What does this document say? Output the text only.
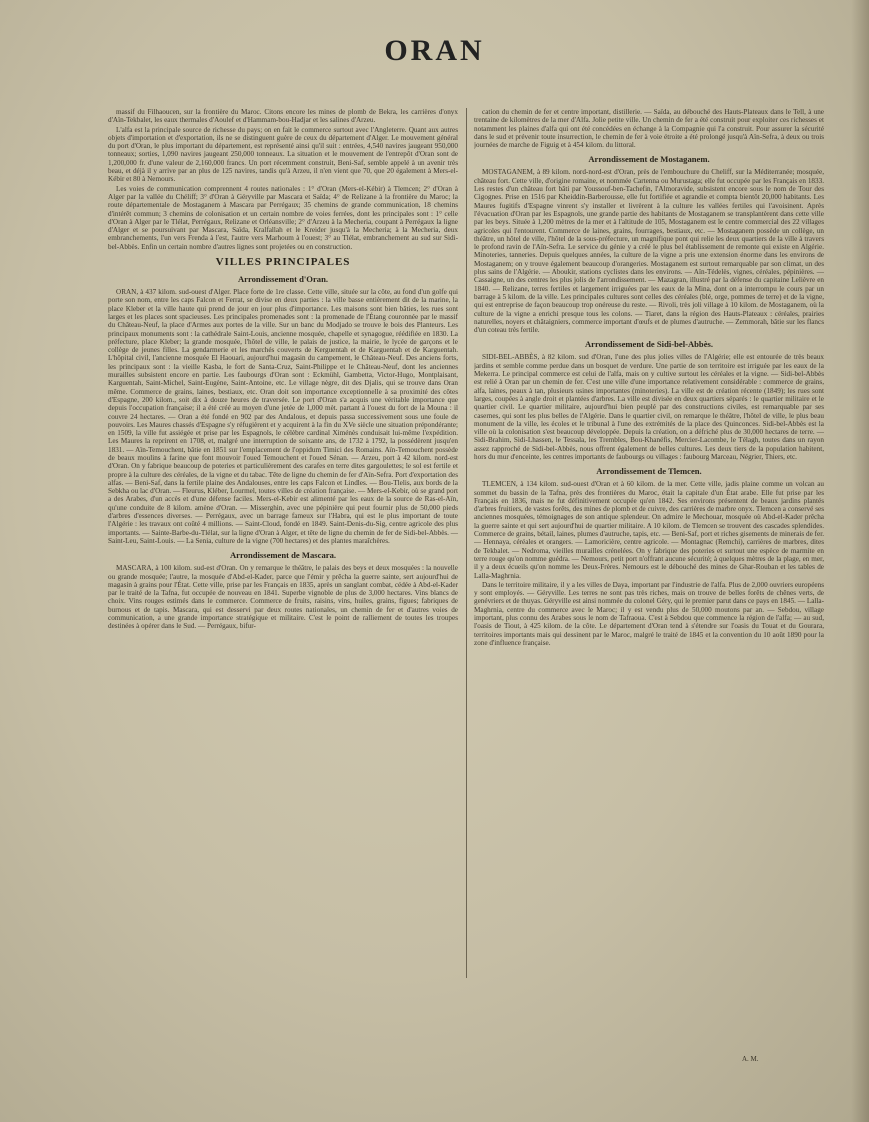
ORAN

massif du Filhaoucen, sur la frontière du Maroc. Citons encore les mines de plomb de Bekra, les carrières d'onyx d'Aïn-Tekbalet, les eaux thermales d'Aoulef et d'Hammam-bou-Hadjar et les salines d'Arzeu.

L'alfa est la principale source de richesse du pays; on en fait le commerce surtout avec l'Angleterre. Quant aux autres objets d'importation et d'exportation, ils ne se distinguent guère de ceux du département d'Alger. Le mouvement général du port d'Oran, le plus important du département, est représenté ainsi qu'il suit : entrées, 4,540 navires jaugeant 950,000 tonneaux; sorties, 1,090 navires jaugeant 250,000 tonneaux. La situation et le mouvement de l'entrepôt d'Oran sont de 1,200,000 fr. d'une valeur de 2,160,000 francs. Un port récemment construit, Beni-Saf, semble appelé à un avenir très beau, et déjà il y arrive par an plus de 125 navires, tandis qu'à Arzeu, il n'en vient que 70, que 20 également à Mers-el-Kébir et 80 à Nemours.

Les voies de communication comprennent 4 routes nationales : 1° d'Oran (Mers-el-Kébir) à Tlemcen; 2° d'Oran à Alger par la vallée du Chéliff; 3° d'Oran à Géryville par Mascara et Saïda; 4° de Relizane à la frontière du Maroc; la route départementale de Mostaganem à Mascara par Perrégaux; 35 chemins de grande communication, 18 chemins d'intérêt commun; 3 chemins de colonisation et un certain nombre de voies ferrées, dont les principales sont : 1° celle d'Oran à Alger par le Tlélat, Perrégaux, Relizane et Orléansville; 2° d'Arzeu à la Mecheria, coupant à Perrégaux la ligne d'Alger et se poursuivant par Mascara, Saïda, Kralfallah et le Kreider jusqu'à la Mecheria; à la Mecheria, deux embranchements, l'un vers Frenda à l'est, l'autre vers Marhoum à l'ouest; 3° au Tlélat, embranchement au sud sur Sidi-bel-Abbès. Enfin un certain nombre d'autres lignes sont projetées ou en construction.

VILLES PRINCIPALES
Arrondissement d'Oran.

ORAN, à 437 kilom. sud-ouest d'Alger. Place forte de 1re classe. Cette ville, située sur la côte, au fond d'un golfe qui porte son nom, entre les caps Falcon et Ferrat, se divise en deux parties : la ville basse entièrement dit de la marine, la place Kleber et la ville haute qui prend de jour en jour plus d'importance. Les maisons sont bien bâties, les rues sont larges et les places sont spacieuses. Les principales promenades sont : la promenade de l'Étang couronnée par le massif du Château-Neuf, la place d'Armes aux portes de la ville. Sur un banc du Modjado se trouve le bois des Planteurs. Les principaux monuments sont : la cathédrale Saint-Louis, ancienne mosquée, chapelle et synagogue, réédifiée en 1830. La préfecture, place Kleber; la grande mosquée, l'hôtel de ville, le palais de justice, la mairie, le lycée de garçons et le collège de jeunes filles. La gendarmerie et les marchés couverts de Kerguentah et de Karguentah et de Karguentah. L'hôpital civil, l'ancienne mosquée El Haouari, aujourd'hui magasin du campement, le Château-Neuf. Des anciens forts, les principaux sont : la vieille Kasba, le fort de Santa-Cruz, Saint-Philippe et le Château-Neuf, dont les anciennes murailles subsistent encore en partie. Les faubourgs d'Oran sont : Eckmühl, Gambetta, Victor-Hugo, Montplaisant, Karguentah, Saint-Michel, Saint-Eugène, Saint-Antoine, etc. Le village nègre, dit des Djalis, qui se trouve dans Oran même. Commerce de grains, laines, bestiaux, etc. Oran doit son importance exceptionnelle à sa proximité des côtes d'Espagne, 200 kilom., soit dix à douze heures de traversée. Le port d'Oran s'a acquis une véritable importance que depuis l'occupation française; il a été créé au moyen d'une jetée de 1,000 mèt. partant à l'ouest du fort de la Mouna : il couvre 24 hectares. — Oran a été fondé en 902 par des Andalous, et depuis passa successivement sous une foule de pouvoirs. Les Maures chassés d'Espagne s'y réfugièrent et y acquirent à la fin du XVe siècle une situation prépondérante; en 1509, la ville fut assiégée et prise par les Espagnols, le célèbre cardinal Ximénès conduisait lui-même l'expédition. Les Maures la reprirent en 1708, et, malgré une interruption de soixante ans, de 1732 à 1792, la possédèrent jusqu'en 1831. — Aïn-Temouchent, bâtie en 1851 sur l'emplacement de l'oppidum Timici des Romains. Aïn-Temouchent possède de beaux moulins à farine que font mouvoir l'oued Temouchent et l'oued Sénan. — Arzeu, port à 42 kilom. nord-est d'Oran. On y fabrique beaucoup de poteries et particulièrement des carafes en terre dites gargoulettes; le sol est fertile et propre à la culture des céréales, de la vigne et du tabac. Tête de ligne du chemin de fer d'Aïn-Sefra. Port d'exportation des alfas. — Beni-Saf, dans la fertile plaine des Andalouses, entre les caps Falcon et Lindles. — Bou-Tlelis, aux bords de la Sebkha ou lac d'Oran. — Fleurus, Kléber, Lourmel, toutes villes de création française. — Mers-el-Kebir, où se grand port a des Arabes, d'un accès et d'une défense faciles. Mers-el-Kebir est alimenté par les eaux de la source de Ras-el-Aïn, qu'une conduite de 8 kilom. amène d'Oran. — Misserghin, avec une pépinière qui peut fournir plus de 50,000 pieds d'arbres d'essences diverses. — Perrégaux, avec un barrage fameux sur l'Habra, qui est le plus important de toute l'Algérie : les travaux ont coûté 4 millions. — Saint-Cloud, fondé en 1849. Saint-Denis-du-Sig, centre agricole des plus importants. — Sainte-Barbe-du-Tlélat, sur la ligne d'Oran à Alger, et tête de ligne du chemin de fer de Sidi-bel-Abbès. — Saint-Leu, Saint-Louis. — La Senia, culture de la vigne (700 hectares) et des plantes maraîchères.

Arrondissement de Mascara.

MASCARA, à 100 kilom. sud-est d'Oran. On y remarque le théâtre, le palais des beys et deux mosquées : la nouvelle ou grande mosquée; l'autre, la mosquée d'Abd-el-Kader, parce que l'émir y prêcha la guerre sainte, sert aujourd'hui de magasin à grains pour l'État. Cette ville, prise par les Français en 1835, après un sanglant combat, cédée à Abd-el-Kader par le traité de la Tafna, fut occupée de nouveau en 1841. Superbe vignoble de plus de 3,000 hectares. Vins blancs de choix. Vins rouges estimés dans le commerce. Commerce de fruits, raisins, vins, huiles, grains, figues; fabriques de burnous et de tapis. Mascara, qui est desservi par deux routes nationales, un chemin de fer et d'autres voies de communication, a une grande importance stratégique et militaire. C'est le point de ralliement de toutes les troupes destinées à opérer dans le Sud. — Perrégaux, bifur-

cation du chemin de fer et centre important, distillerie. — Saïda, au débouché des Hauts-Plateaux dans le Tell, à une trentaine de kilomètres de la mer d'Alfa. Jolie petite ville. Un chemin de fer a été construit pour exploiter ces richesses et notamment les plaines d'alfa qui ont été concédées en échange à la Compagnie qui l'a construit. Pour assurer la sécurité dans le sud et prévenir toute insurrection, le chemin de fer à voie étroite a été prolongé jusqu'à Aïn-Sefra, à deux ou trois journées de marche de Figuig et à 454 kilom. du littoral.

Arrondissement de Mostaganem.

MOSTAGANEM, à 89 kilom. nord-nord-est d'Oran, près de l'embouchure du Cheliff, sur la Méditerranée; mosquée, château fort. Cette ville, d'origine romaine, et nommée Cartenna ou Murustaga; elle fut occupée par les Français en 1833. Les restes d'un château fort bâti par Youssouf-ben-Tachefin, l'Almoravide, subsistent encore sous le nom de Tour des Cigognes. Prise en 1516 par Kheiddin-Barberousse, elle fut fortifiée et agrandie et compta bientôt 20,000 habitants. Les Maures fugitifs d'Espagne vinrent s'y installer et livrèrent à la culture les vallées fertiles qui l'avoisinent. Après l'évacuation d'Oran par les Espagnols, une grande partie des habitants de Mostaganem se transplantèrent dans cette ville par les beys. Située à 1,200 mètres de la mer et à l'altitude de 105, Mostaganem est le centre commercial des 22 villages agricoles qui l'entourent. Commerce de laines, grains, fourrages, bestiaux, etc. — Mostaganem possède un collège, un théâtre, un hôtel de ville, l'hôtel de la sous-préfecture, un magnifique pont qui relie les deux quartiers de la ville à travers le profond ravin de l'Aïn-Sefra. Le service du génie y a créé le plus bel établissement de remonte qui existe en Algérie. Minoteries, tanneries. Depuis quelques années, la culture de la vigne a pris une extension énorme dans les environs de Mostaganem; on y trouve également beaucoup d'orangeries. Mostaganem est surtout remarquable par son climat, un des plus sains de l'Algérie. — Aboukir, stations cyclistes dans les environs. — Aïn-Tédelès, vignes, céréales, pépinières. — Cassaigne, un des centres les plus jolis de l'arrondissement. — Mazagran, illustré par la défense du capitaine Lelièvre en 1840. — Relizane, terres fertiles et largement irriguées par les eaux de la Mina, dont on a interrompu le cours par un barrage à 5 kilom. de la ville. Les principales cultures sont celles des céréales (blé, orge, pommes de terre) et de la vigne, qui est entreprise de façon beaucoup trop onéreuse du reste. — Rivoli, très joli village à 10 kilom. de Mostaganem, où la culture de la vigne a enrichi presque tous les colons. — Tiaret, dans la région des Hauts-Plateaux : céréales, prairies naturelles, noyers et châtaigniers, commerce important d'œufs et de plumes d'autruche. — Zemmorah, bâtie sur les flancs d'un coteau très fertile.

Arrondissement de Sidi-bel-Abbès.

SIDI-BEL-ABBÈS, à 82 kilom. sud d'Oran, l'une des plus jolies villes de l'Algérie; elle est entourée de très beaux jardins et semble comme perdue dans un bosquet de verdure. Une partie de son territoire est irriguée par les eaux de la Mekerra. Le principal commerce est celui de l'alfa, mais on y cultive surtout les céréales et la vigne. — Sidi-bel-Abbès est relié à Oran par un chemin de fer. C'est une ville d'une importance relativement considérable : commerce de grains, alfa, laines, peaux à tan, plusieurs usines importantes (minoteries). La ville est de création récente (1849); les rues sont larges, coupées à angle droit et plantées d'arbres. La ville est divisée en deux quartiers séparés : le quartier militaire et le quartier civil. Le quartier militaire, aujourd'hui bien peuplé par des constructions civiles, est remarquable par ses casernes, qui sont les plus belles de l'Algérie. Dans le quartier civil, on remarque le théâtre, l'hôtel de ville, le plus beau monument de la ville, les écoles et le tribunal à l'une des extrémités de la place des Quinconces. Sidi-bel-Abbès est la ville où la colonisation s'est beaucoup développée. Depuis la création, on a défriché plus de 30,000 hectares de terre. — Sidi-Brahim, Sidi-Lhassen, le Tessala, les Trembles, Bou-Khanéfis, Mercier-Lacombe, le Télagh, toutes dans un rayon assez rapproché de Sidi-bel-Abbès, nous offrent également de belles cultures. Les deux tiers de la population habitent, hors du mur d'enceinte, les centres importants de faubourgs ou villages : faubourg Marceau, Négrier, Thiers, etc.

Arrondissement de Tlemcen.

TLEMCEN, à 134 kilom. sud-ouest d'Oran et à 60 kilom. de la mer. Cette ville, jadis plaine comme un volcan au sommet du bassin de la Tafna, près des frontières du Maroc, était la capitale d'un État arabe. Elle fut prise par les Français en 1836, mais ne fut définitivement occupée qu'en 1842. Ses environs présentent de beaux jardins plantés d'arbres fruitiers, de vastes forêts, des mines de plomb et de cuivre, des carrières de marbre onyx. Tlemcen a conservé ses anciennes mosquées, témoignages de son antique splendeur. On admire le Mechouar, mosquée où Abd-el-Kader prêcha la guerre sainte et qui sert aujourd'hui de quartier militaire. A 10 kilom. de Tlemcen se trouvent des cascades splendides. Commerce de grains, bétail, laines, plumes d'autruche, tapis, etc. — Beni-Saf, port et riches gisements de minerais de fer. — Hennaya, céréales et orangers. — Lamoricière, centre agricole. — Montagnac (Remchi), carrières de marbres, dites de Tekbalet. — Nedroma, vieilles murailles crénelées. On y fabrique des poteries et surtout une espèce de marmite en terre rouge qu'on nomme guédra. — Nemours, petit port n'offrant aucune sécurité; à quelques mètres de la plage, en mer, il y a deux écueils qu'on nomme les Deux-Frères. Nemours est le débouché des mines de Ghar-Rouban et les tables de Lalla-Maghrnia.

Dans le territoire militaire, il y a les villes de Daya, important par l'industrie de l'alfa. Plus de 2,000 ouvriers européens y sont employés. — Géryville. Les terres ne sont pas très riches, mais on trouve de belles forêts de chênes verts, de genévriers et de thuyas. Géryville est ainsi nommée du colonel Géry, qui le premier parut dans ce pays en 1845. — Lalla-Maghrnia, centre du commerce avec le Maroc; il y est vendu plus de 50,000 moutons par an. — Sebdou, village important, plus connu des Arabes sous le nom de Tafraoua. C'est à Sebdou que commence la région de l'alfa; — au sud, l'oasis de Tiout, à 425 kilom. de la côte. Le département d'Oran tend à s'étendre sur l'oasis du Touat et du Gourara, territoires importants mais qui dessinent par le Maroc, malgré le traité de 1845 et la convention du 10 août 1890 pour la zone d'influence française.

A. M.
